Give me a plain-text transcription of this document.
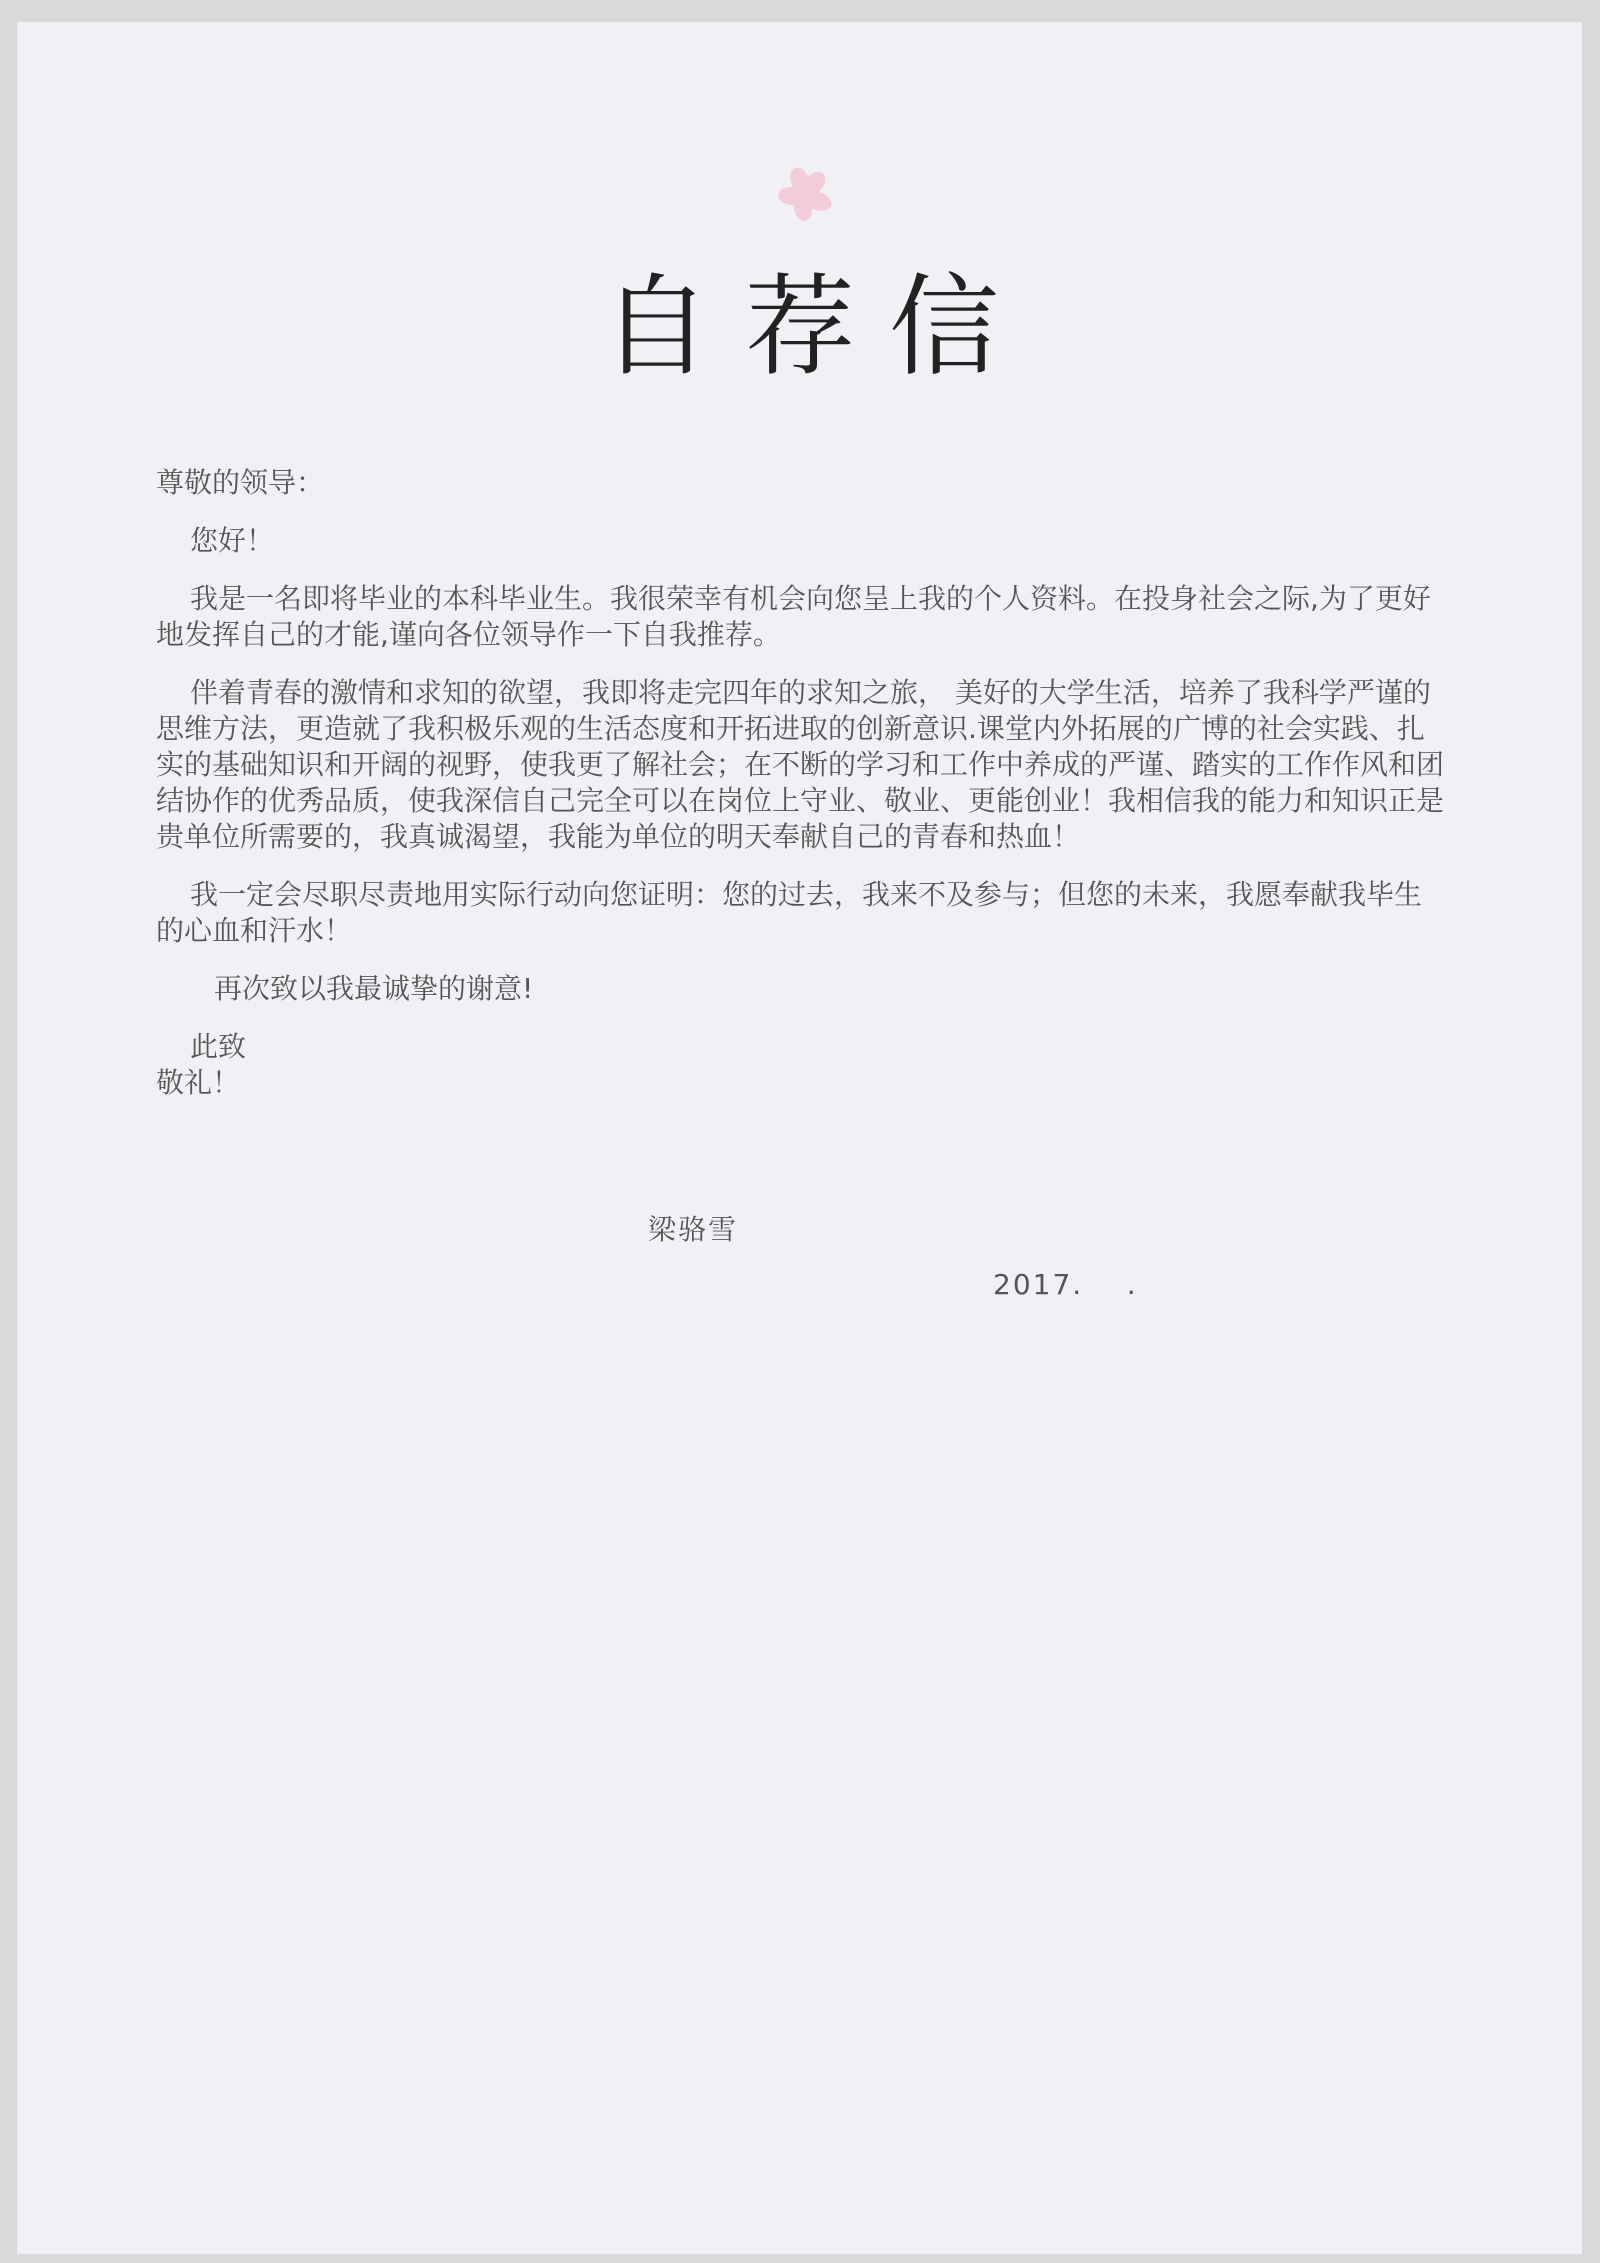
自荐信

尊敬的领导：

您好！

我是一名即将毕业的本科毕业生。我很荣幸有机会向您呈上我的个人资料。在投身社会之际,为了更好地发挥自己的才能,谨向各位领导作一下自我推荐。

伴着青春的激情和求知的欲望，我即将走完四年的求知之旅， 美好的大学生活，培养了我科学严谨的思维方法，更造就了我积极乐观的生活态度和开拓进取的创新意识.课堂内外拓展的广博的社会实践、扎实的基础知识和开阔的视野，使我更了解社会；在不断的学习和工作中养成的严谨、踏实的工作作风和团结协作的优秀品质，使我深信自己完全可以在岗位上守业、敬业、更能创业！我相信我的能力和知识正是贵单位所需要的，我真诚渴望，我能为单位的明天奉献自己的青春和热血！

我一定会尽职尽责地用实际行动向您证明：您的过去，我来不及参与；但您的未来，我愿奉献我毕生的心血和汗水！

再次致以我最诚挚的谢意!

此致

敬礼！

梁骆雪
2017.    .
